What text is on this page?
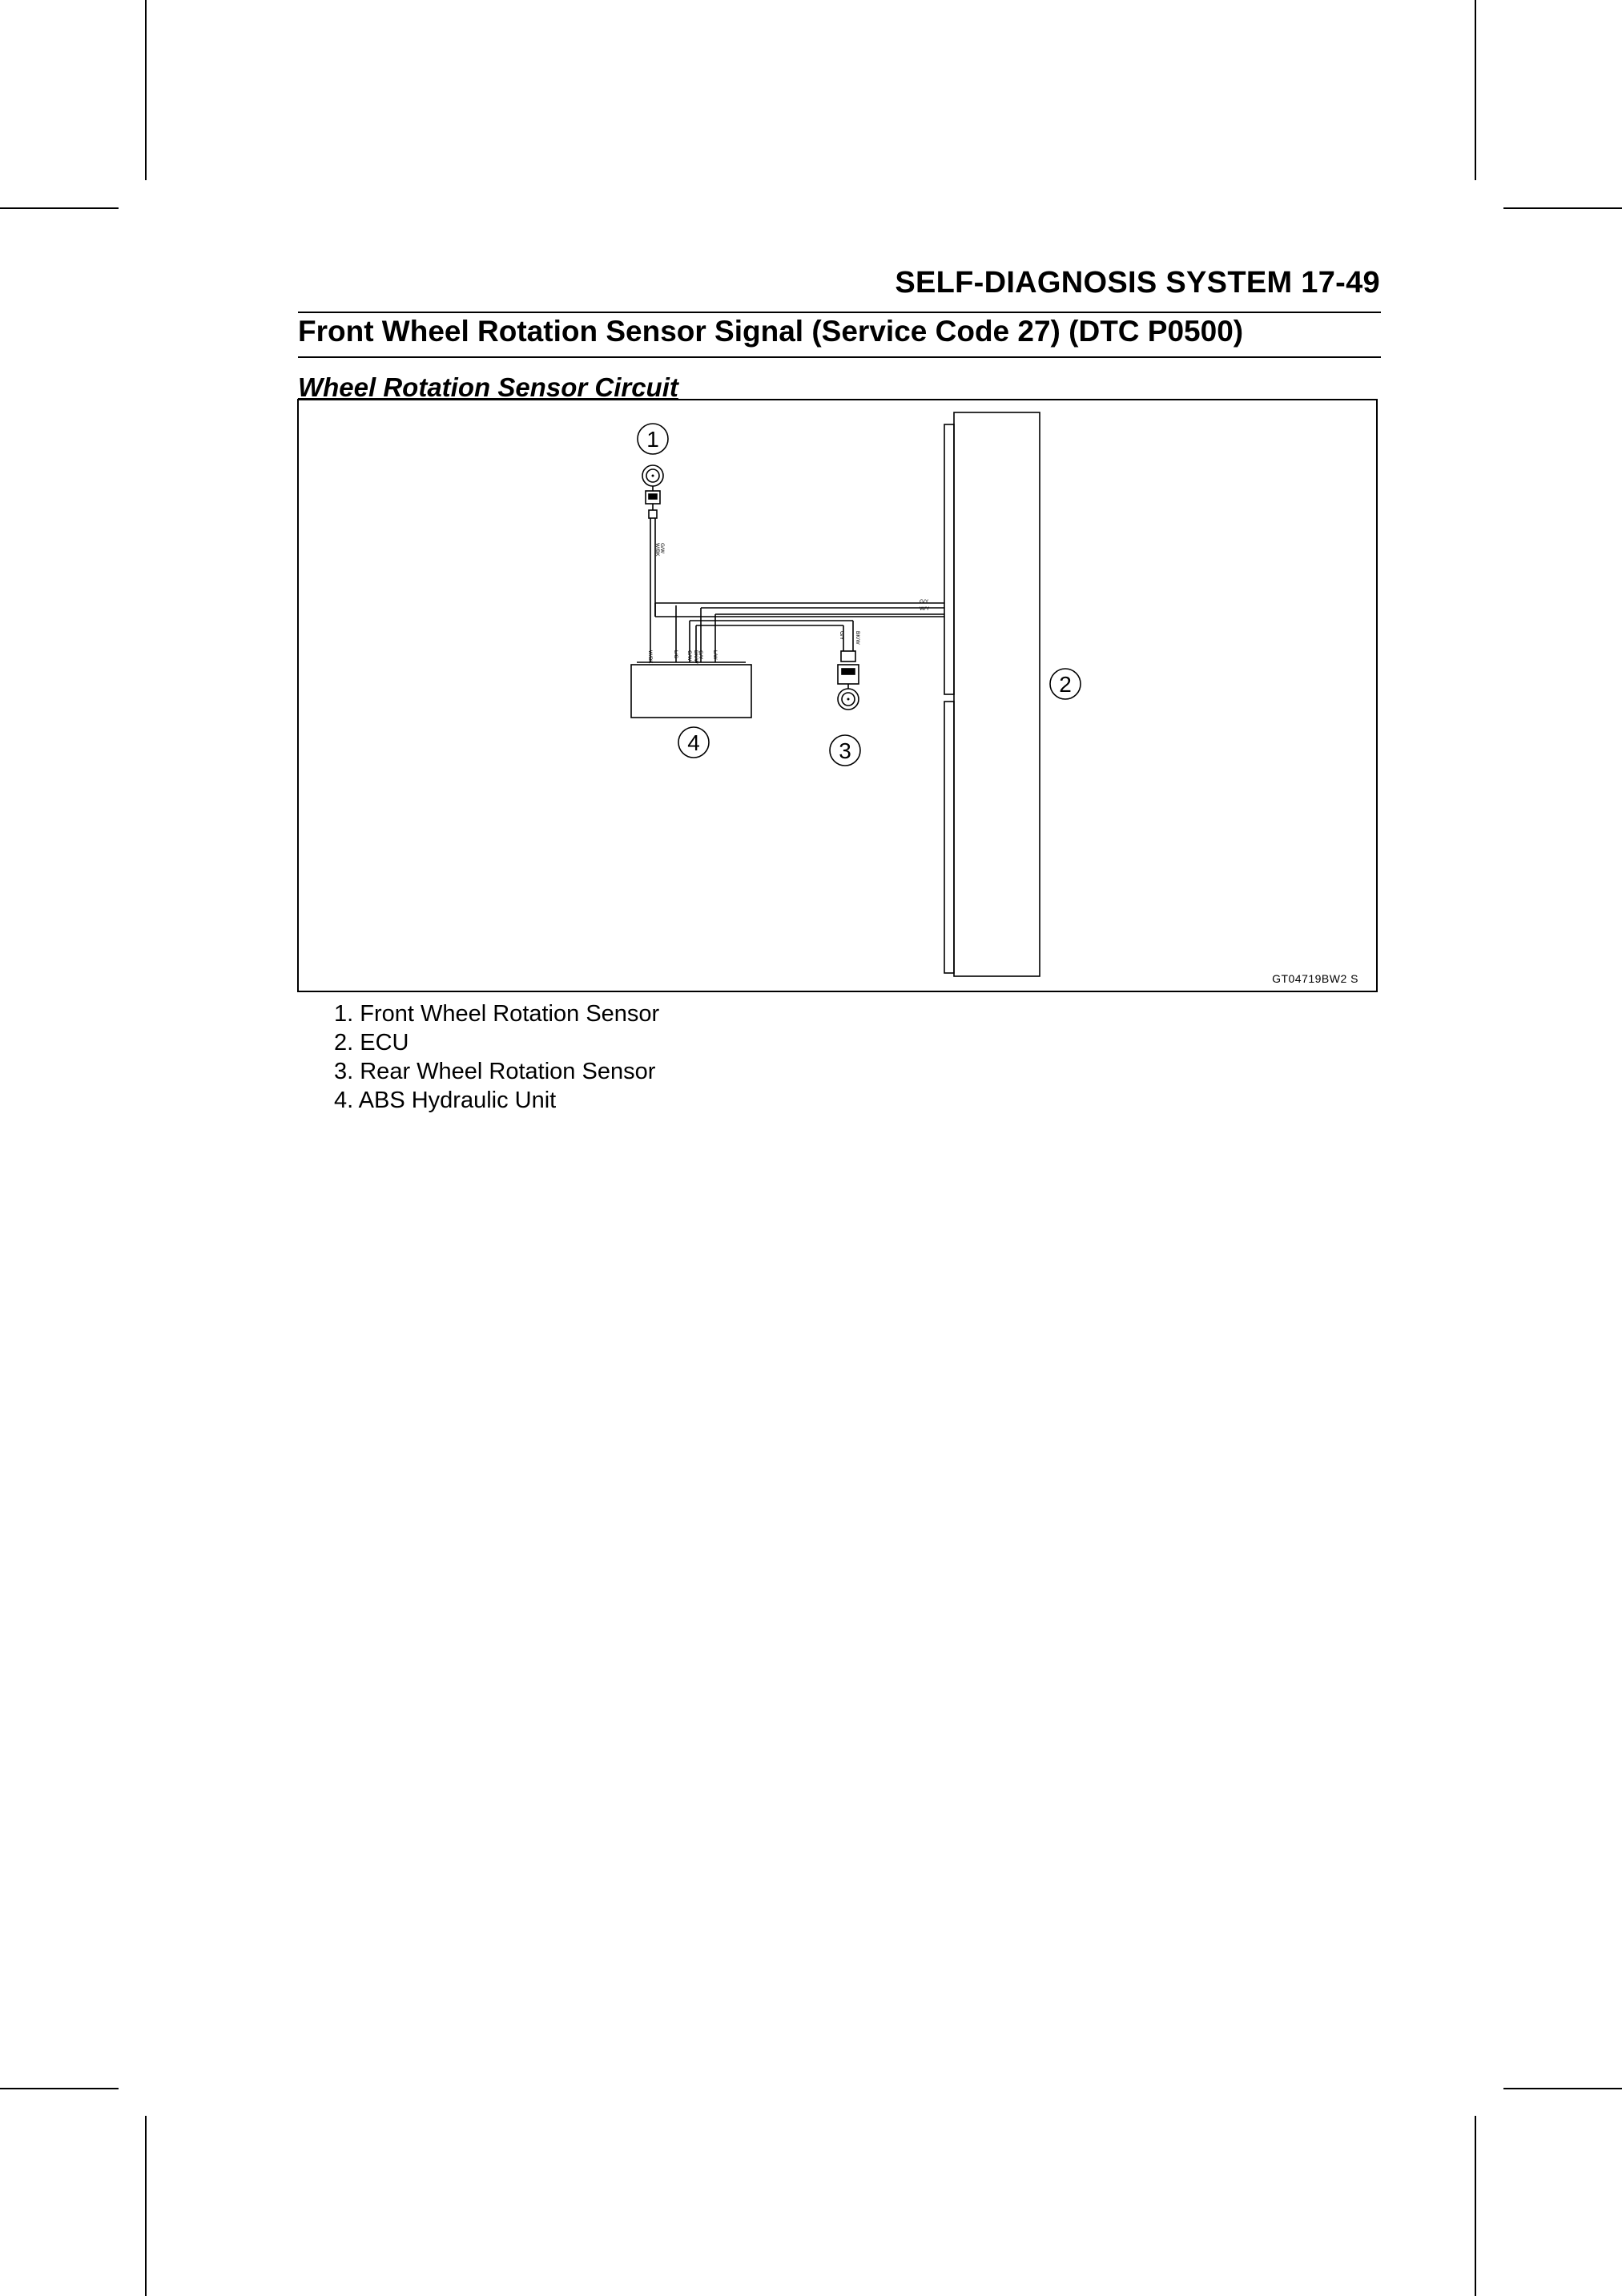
SELF-DIAGNOSIS SYSTEM 17-49
Front Wheel Rotation Sensor Signal (Service Code 27) (DTC P0500)
Wheel Rotation Sensor Circuit
G/W
W/BK
G/Y
W/Y
W/BK	L/G G/W BK/W G/Y L/W
G/Y BK/W
1
2
3
4
GT04719BW2 S
1. Front Wheel Rotation Sensor
2. ECU
3. Rear Wheel Rotation Sensor
4. ABS Hydraulic Unit
